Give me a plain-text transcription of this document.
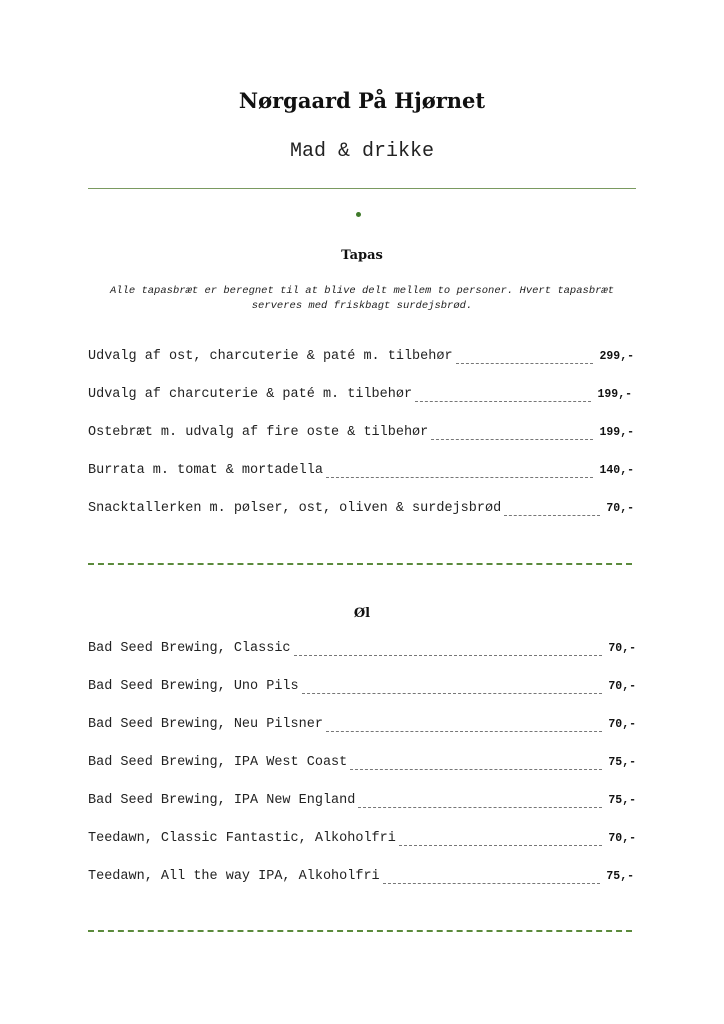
Nørgaard På Hjørnet
Mad & drikke
Tapas
Alle tapasbræt er beregnet til at blive delt mellem to personer. Hvert tapasbræt serveres med friskbagt surdejsbrød.
Udvalg af ost, charcuterie & paté m. tilbehør	299,-
Udvalg af charcuterie & paté m. tilbehør	199,-
Ostebræt m. udvalg af fire oste & tilbehør	199,-
Burrata m. tomat & mortadella	140,-
Snacktallerken m. pølser, ost, oliven & surdejsbrød	70,-
Øl
Bad Seed Brewing, Classic	70,-
Bad Seed Brewing, Uno Pils	70,-
Bad Seed Brewing, Neu Pilsner	70,-
Bad Seed Brewing, IPA West Coast	75,-
Bad Seed Brewing, IPA New England	75,-
Teedawn, Classic Fantastic, Alkoholfri	70,-
Teedawn, All the way IPA, Alkoholfri	75,-
